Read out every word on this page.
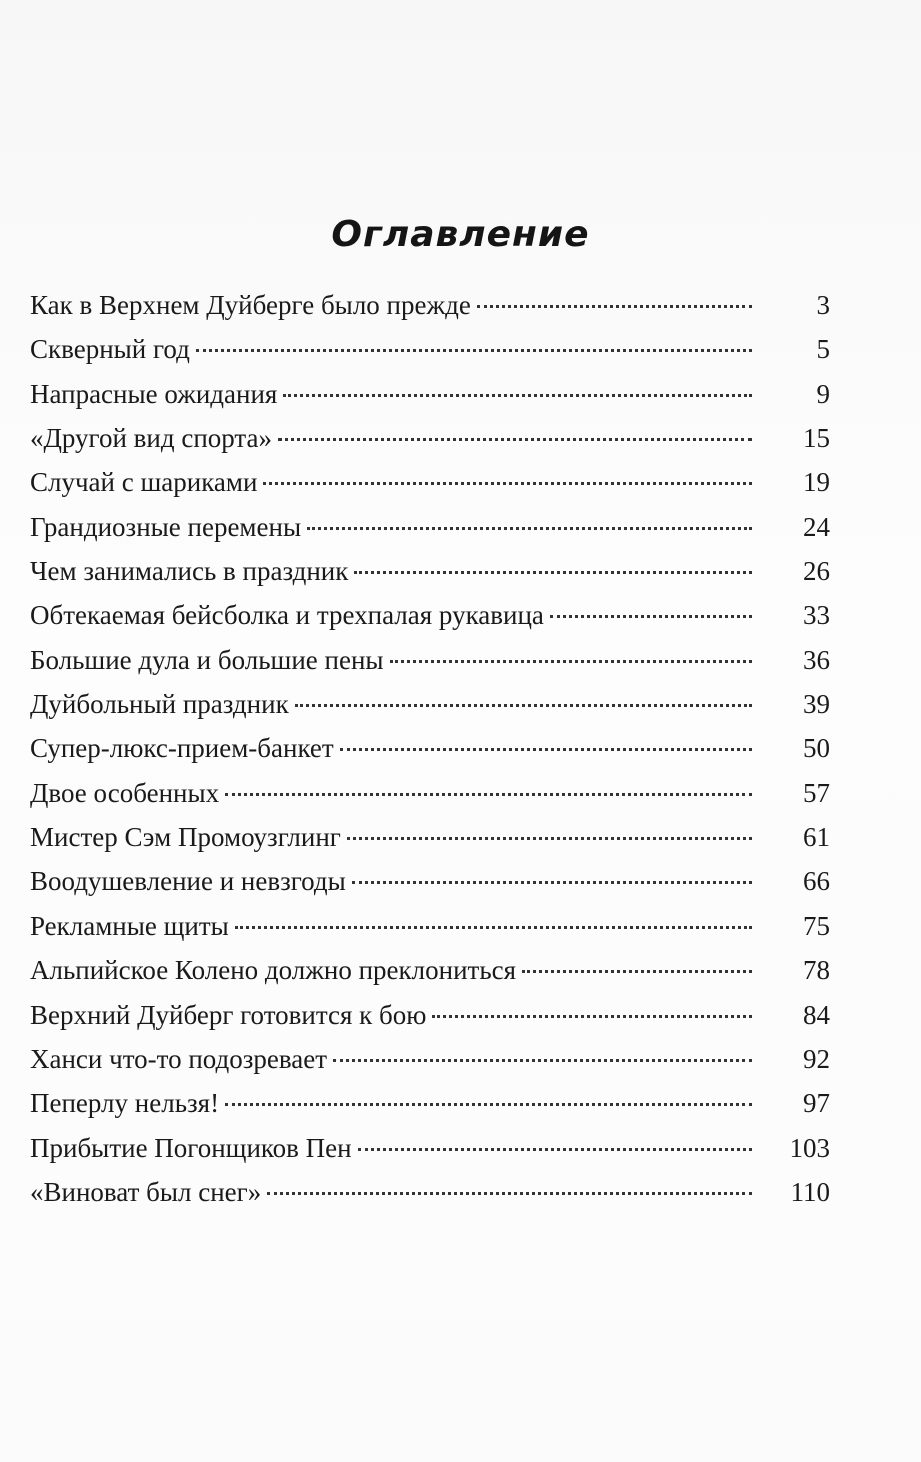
Оглавление
Как в Верхнем Дуйберге было прежде	3
Скверный год	5
Напрасные ожидания	9
«Другой вид спорта»	15
Случай с шариками	19
Грандиозные перемены	24
Чем занимались в праздник	26
Обтекаемая бейсболка и трехпалая рукавица	33
Большие дула и большие пены	36
Дуйбольный праздник	39
Супер-люкс-прием-банкет	50
Двое особенных	57
Мистер Сэм Промоузглинг	61
Воодушевление и невзгоды	66
Рекламные щиты	75
Альпийское Колено должно преклониться	78
Верхний Дуйберг готовится к бою	84
Ханси что-то подозревает	92
Пеперлу нельзя!	97
Прибытие Погонщиков Пен	103
«Виноват был снег»	110
